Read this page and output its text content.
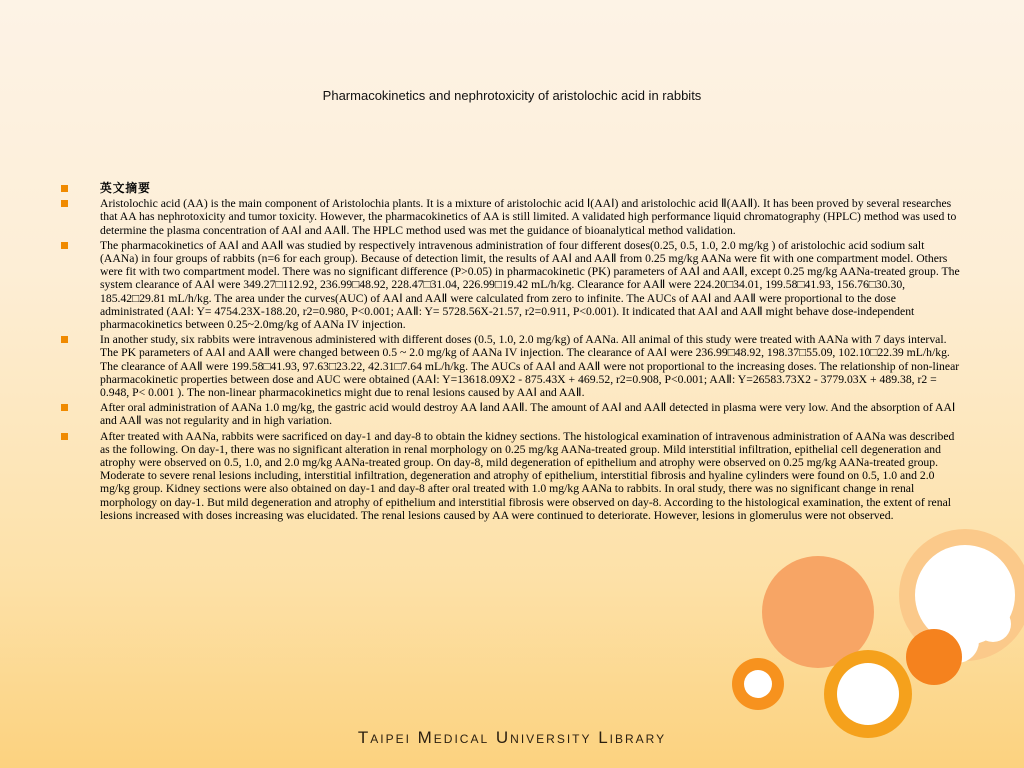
Pharmacokinetics and nephrotoxicity of aristolochic acid in rabbits
英文摘要
Aristolochic acid (AA) is the main component of Aristolochia plants. It is a mixture of aristolochic acid Ⅰ(AAⅠ) and aristolochic acid Ⅱ(AAⅡ). It has been proved by several researches that AA has nephrotoxicity and tumor toxicity. However, the pharmacokinetics of AA is still limited. A validated high performance liquid chromatography (HPLC) method was used to determine the plasma concentration of AAⅠ and AAⅡ. The HPLC method used was met the guidance of bioanalytical method validation.
The pharmacokinetics of AAⅠ and AAⅡ was studied by respectively intravenous administration of four different doses(0.25, 0.5, 1.0, 2.0 mg/kg ) of aristolochic acid sodium salt (AANa) in four groups of rabbits (n=6 for each group). Because of detection limit, the results of AAⅠ and AAⅡ from 0.25 mg/kg AANa were fit with one compartment model. Others were fit with two compartment model. There was no significant difference (P>0.05) in pharmacokinetic (PK) parameters of AAⅠ and AAⅡ, except 0.25 mg/kg AANa-treated group. The system clearance of AAⅠ were 349.27□112.92, 236.99□48.92, 228.47□31.04, 226.99□19.42 mL/h/kg. Clearance for AAⅡ were 224.20□34.01, 199.58□41.93, 156.76□30.30, 185.42□29.81 mL/h/kg. The area under the curves(AUC) of AAⅠ and AAⅡ were calculated from zero to infinite. The AUCs of AAⅠ and AAⅡ were proportional to the dose administrated (AAⅠ: Y= 4754.23X-188.20, r2=0.980, P<0.001; AAⅡ: Y= 5728.56X-21.57, r2=0.911, P<0.001). It indicated that AAⅠ and AAⅡ might behave dose-independent pharmacokinetics between 0.25~2.0mg/kg of AANa IV injection.
In another study, six rabbits were intravenous administered with different doses (0.5, 1.0, 2.0 mg/kg) of AANa. All animal of this study were treated with AANa with 7 days interval. The PK parameters of AAⅠ and AAⅡ were changed between 0.5 ~ 2.0 mg/kg of AANa IV injection. The clearance of AAⅠ were 236.99□48.92, 198.37□55.09, 102.10□22.39 mL/h/kg. The clearance of AAⅡ were 199.58□41.93, 97.63□23.22, 42.31□7.64 mL/h/kg. The AUCs of AAⅠ and AAⅡ were not proportional to the increasing doses. The relationship of non-linear pharmacokinetic properties between dose and AUC were obtained (AAⅠ: Y=13618.09X2 - 875.43X + 469.52, r2=0.908, P<0.001; AAⅡ: Y=26583.73X2 - 3779.03X + 489.38, r2 = 0.948, P< 0.001 ). The non-linear pharmacokinetics might due to renal lesions caused by AAⅠ and AAⅡ.
After oral administration of AANa 1.0 mg/kg, the gastric acid would destroy AA Ⅰand AAⅡ. The amount of AAⅠ and AAⅡ detected in plasma were very low. And the absorption of AAⅠ and AAⅡ was not regularity and in high variation.
After treated with AANa, rabbits were sacrificed on day-1 and day-8 to obtain the kidney sections. The histological examination of intravenous administration of AANa was described as the following. On day-1, there was no significant alteration in renal morphology on 0.25 mg/kg AANa-treated group. Mild interstitial infiltration, epithelial cell degeneration and atrophy were observed on 0.5, 1.0, and 2.0 mg/kg AANa-treated group. On day-8, mild degeneration of epithelium and atrophy were observed on 0.25 mg/kg AANa-treated group. Moderate to severe renal lesions including, interstitial infiltration, degeneration and atrophy of epithelium, interstitial fibrosis and hyaline cylinders were found on 0.5, 1.0 and 2.0 mg/kg group. Kidney sections were also obtained on day-1 and day-8 after oral treated with 1.0 mg/kg AANa to rabbits. In oral study, there was no significant change in renal morphology on day-1. But mild degeneration and atrophy of epithelium and interstitial fibrosis were observed on day-8. According to the histological examination, the extent of renal lesions increased with doses increasing was elucidated. The renal lesions caused by AA were continued to deteriorate. However, lesions in glomerulus were not observed.
Taipei Medical University Library
